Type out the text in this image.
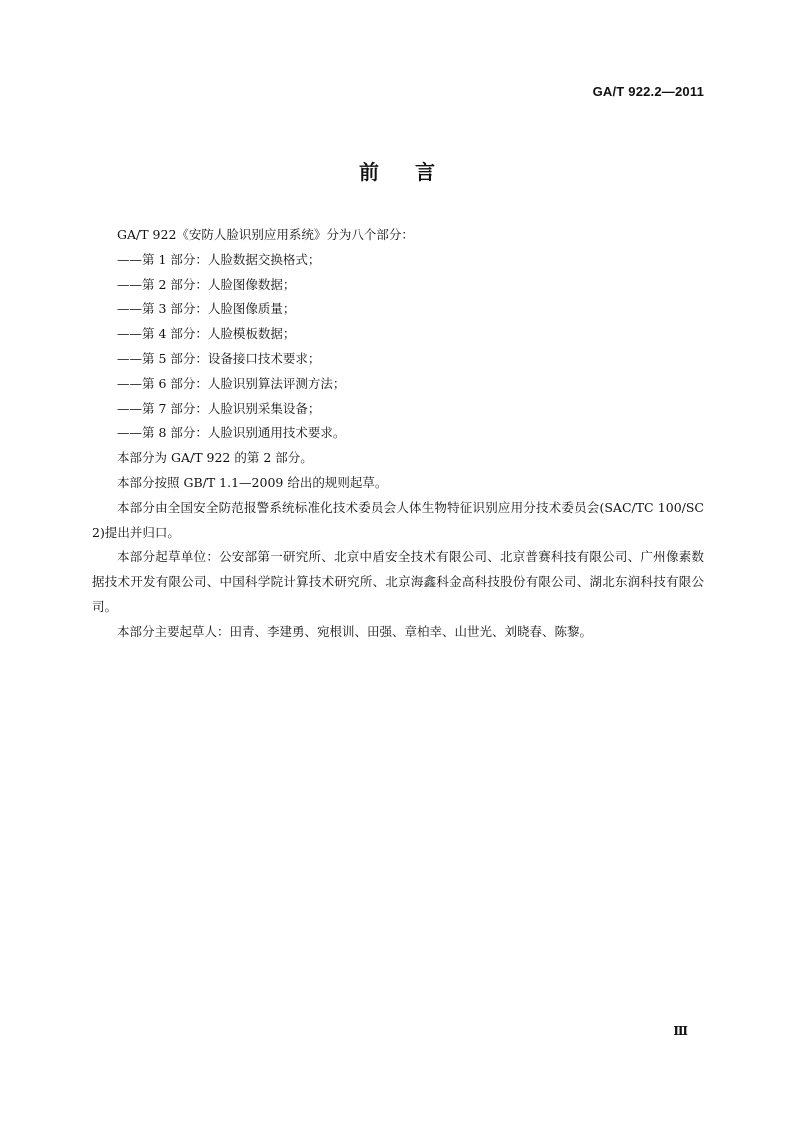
GA/T 922.2—2011
前言

GA/T 922《安防人脸识别应用系统》分为八个部分：

——第 1 部分：人脸数据交换格式；

——第 2 部分：人脸图像数据；

——第 3 部分：人脸图像质量；

——第 4 部分：人脸模板数据；

——第 5 部分：设备接口技术要求；

——第 6 部分：人脸识别算法评测方法；

——第 7 部分：人脸识别采集设备；

——第 8 部分：人脸识别通用技术要求。

本部分为 GA/T 922 的第 2 部分。

本部分按照 GB/T 1.1—2009 给出的规则起草。

本部分由全国安全防范报警系统标准化技术委员会人体生物特征识别应用分技术委员会(SAC/TC 100/SC 2)提出并归口。

本部分起草单位：公安部第一研究所、北京中盾安全技术有限公司、北京普赛科技有限公司、广州像素数据技术开发有限公司、中国科学院计算技术研究所、北京海鑫科金高科技股份有限公司、湖北东润科技有限公司。

本部分主要起草人：田青、李建勇、宛根训、田强、章柏幸、山世光、刘晓春、陈黎。

Ⅲ
